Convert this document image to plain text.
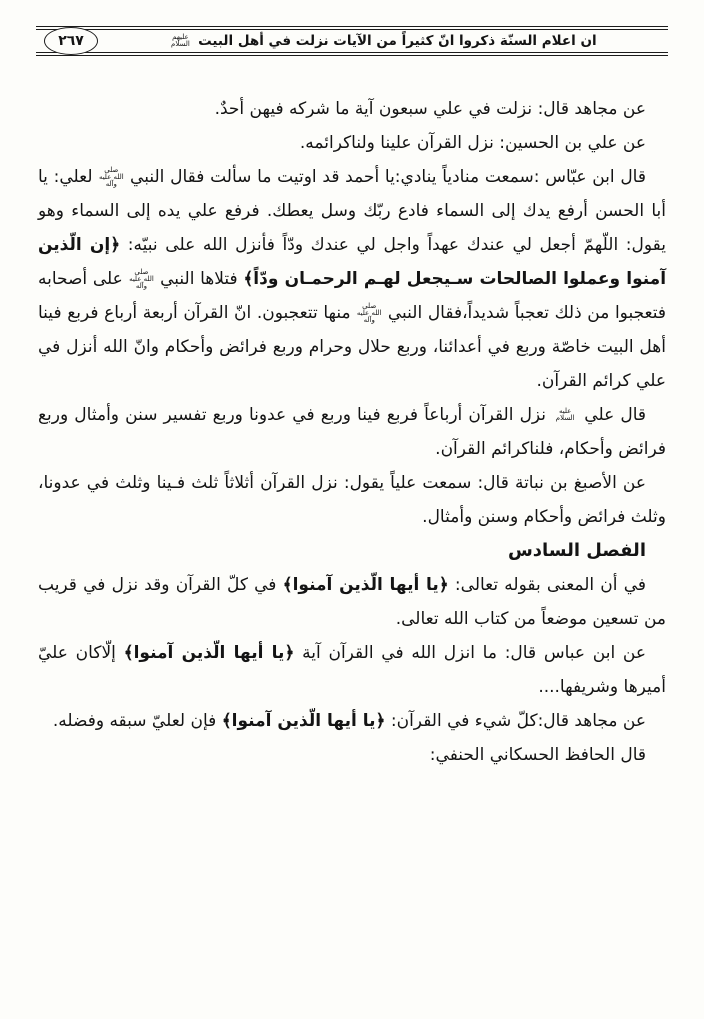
ان اعلام السنّة ذكروا انّ كثيراً من الآيات نزلت في أهل البيت عليهم السلام
٢٦٧

عن مجاهد قال: نزلت في علي سبعون آية ما شركه فيهن أحدٌ.

عن علي بن الحسين: نزل القرآن علينا ولناكرائمه.

قال ابن عبّاس :سمعت منادياً ينادي:يا أحمد قد اوتيت ما سألت فقال النبي صلى الله عليه وآله لعلي: يا أبا الحسن أرفع يدك إلى السماء فادع ربّك وسل يعطك. فرفع علي يده إلى السماء وهو يقول: اللّهمّ أجعل لي عندك عهداً واجل لي عندك ودّاً فأنزل الله على نبيّه: ﴿إن الّذين آمنوا وعملوا الصالحات سـيجعل لهـم الرحمـان ودّاً﴾ فتلاها النبي صلى الله عليه وآله على أصحابه فتعجبوا من ذلك تعجباً شديداً،فقال النبي صلى الله عليه وآله منها تتعجبون. انّ القرآن أربعة أرباع فربع فينا أهل البيت خاصّة وربع في أعدائنا، وربع حلال وحرام وربع فرائض وأحكام وانّ الله أنزل في علي كرائم القرآن.

قال علي عليه السلام نزل القرآن أرباعاً فربع فينا وربع في عدونا وربع تفسير سنن وأمثال وربع فرائض وأحكام، فلناكرائم القرآن.

عن الأصبغ بن نباتة قال: سمعت علياً يقول: نزل القرآن أثلاثاً ثلث فـينا وثلث في عدونا، وثلث فرائض وأحكام وسنن وأمثال.

الفصل السادس

في أن المعنى بقوله تعالى: ﴿يا أيها الّذين آمنوا﴾ في كلّ القرآن وقد نزل في قريب من تسعين موضعاً من كتاب الله تعالى.

عن ابن عباس قال: ما انزل الله في القرآن آية ﴿يا أيها الّذين آمنوا﴾ إلّاكان عليّ أميرها وشريفها....

عن مجاهد قال:كلّ شيء في القرآن: ﴿يا أيها الّذين آمنوا﴾ فإن لعليّ سبقه وفضله.

قال الحافظ الحسكاني الحنفي:
